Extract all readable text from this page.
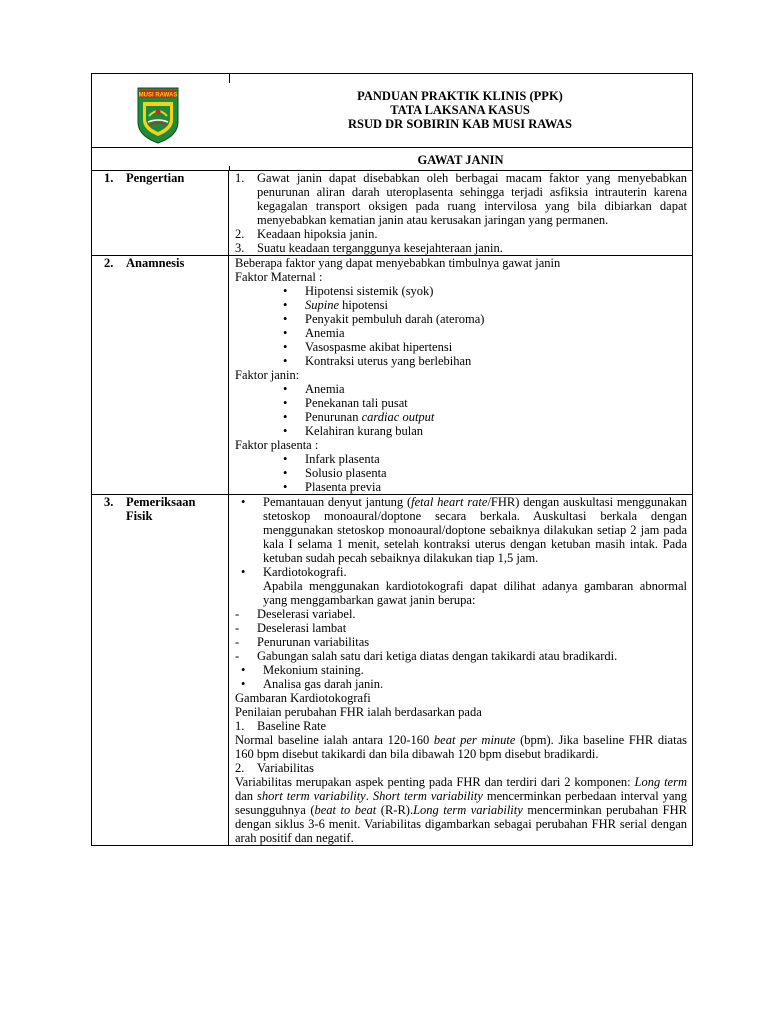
MUSI RAWAS	PANDUAN PRAKTIK KLINIS (PPK)
TATA LAKSANA KASUS
RSUD DR SOBIRIN KAB MUSI RAWAS
GAWAT JANIN
1.	Pengertian	1.	Gawat janin dapat disebabkan oleh berbagai macam faktor yang menyebabkan penurunan aliran darah uteroplasenta sehingga terjadi asfiksia intrauterin karena kegagalan transport oksigen pada ruang intervilosa yang bila dibiarkan dapat menyebabkan kematian janin atau kerusakan jaringan yang permanen.
2.	Keadaan hipoksia janin.
3.	Suatu keadaan terganggunya kesejahteraan janin.
2.	Anamnesis	Beberapa faktor yang dapat menyebabkan timbulnya gawat janin
Faktor Maternal :
• Hipotensi sistemik (syok)
• Supine hipotensi
• Penyakit pembuluh darah (ateroma)
• Anemia
• Vasospasme akibat hipertensi
• Kontraksi uterus yang berlebihan
Faktor janin:
• Anemia
• Penekanan tali pusat
• Penurunan cardiac output
• Kelahiran kurang bulan
Faktor plasenta :
• Infark plasenta
• Solusio plasenta
• Plasenta previa
3.	Pemeriksaan Fisik
• Pemantauan denyut jantung (fetal heart rate/FHR) dengan auskultasi menggunakan stetoskop monoaural/doptone secara berkala. Auskultasi berkala dengan menggunakan stetoskop monoaural/doptone sebaiknya dilakukan setiap 2 jam pada kala I selama 1 menit, setelah kontraksi uterus dengan ketuban masih intak. Pada ketuban sudah pecah sebaiknya dilakukan tiap 1,5 jam.
• Kardiotokografi.
Apabila menggunakan kardiotokografi dapat dilihat adanya gambaran abnormal yang menggambarkan gawat janin berupa:
- Deselerasi variabel.
- Deselerasi lambat
- Penurunan variabilitas
- Gabungan salah satu dari ketiga diatas dengan takikardi atau bradikardi.
• Mekonium staining.
• Analisa gas darah janin.
Gambaran Kardiotokografi
Penilaian perubahan FHR ialah berdasarkan pada
1.	Baseline Rate
Normal baseline ialah antara 120-160 beat per minute (bpm). Jika baseline FHR diatas 160 bpm disebut takikardi dan bila dibawah 120 bpm disebut bradikardi.
2.	Variabilitas
Variabilitas merupakan aspek penting pada FHR dan terdiri dari 2 komponen: Long term dan short term variability. Short term variability mencerminkan perbedaan interval yang sesungguhnya (beat to beat (R-R).Long term variability mencerminkan perubahan FHR dengan siklus 3-6 menit. Variabilitas digambarkan sebagai perubahan FHR serial dengan arah positif dan negatif.
